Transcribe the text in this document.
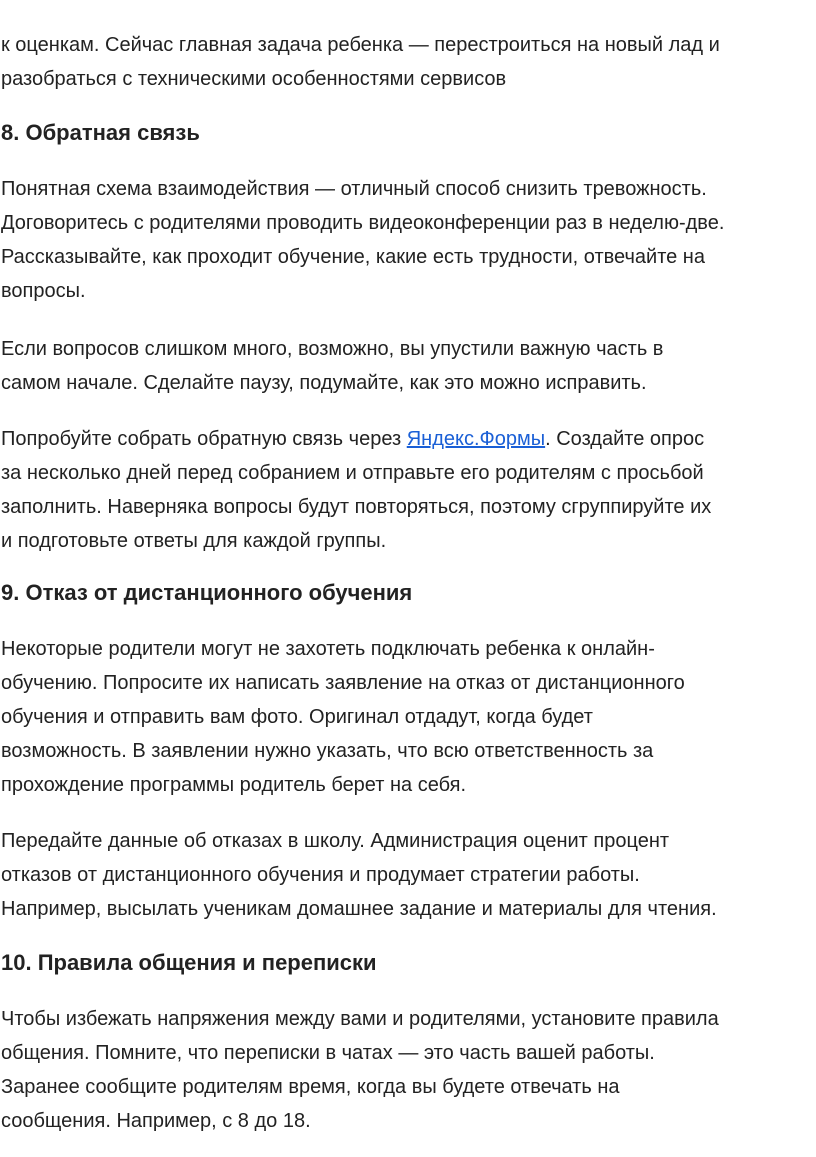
к оценкам. Сейчас главная задача ребенка — перестроиться на новый лад и
разобраться с техническими особенностями сервисов
8. Обратная связь
Понятная схема взаимодействия — отличный способ снизить тревожность.
Договоритесь с родителями проводить видеоконференции раз в неделю-две.
Рассказывайте, как проходит обучение, какие есть трудности, отвечайте на
вопросы.
Если вопросов слишком много, возможно, вы упустили важную часть в
самом начале. Сделайте паузу, подумайте, как это можно исправить.
Попробуйте собрать обратную связь через Яндекс.Формы. Создайте опрос
за несколько дней перед собранием и отправьте его родителям с просьбой
заполнить. Наверняка вопросы будут повторяться, поэтому сгруппируйте их
и подготовьте ответы для каждой группы.
9. Отказ от дистанционного обучения
Некоторые родители могут не захотеть подключать ребенка к онлайн-
обучению. Попросите их написать заявление на отказ от дистанционного
обучения и отправить вам фото. Оригинал отдадут, когда будет
возможность. В заявлении нужно указать, что всю ответственность за
прохождение программы родитель берет на себя.
Передайте данные об отказах в школу. Администрация оценит процент
отказов от дистанционного обучения и продумает стратегии работы.
Например, высылать ученикам домашнее задание и материалы для чтения.
10. Правила общения и переписки
Чтобы избежать напряжения между вами и родителями, установите правила
общения. Помните, что переписки в чатах — это часть вашей работы.
Заранее сообщите родителям время, когда вы будете отвечать на
сообщения. Например, с 8 до 18.
